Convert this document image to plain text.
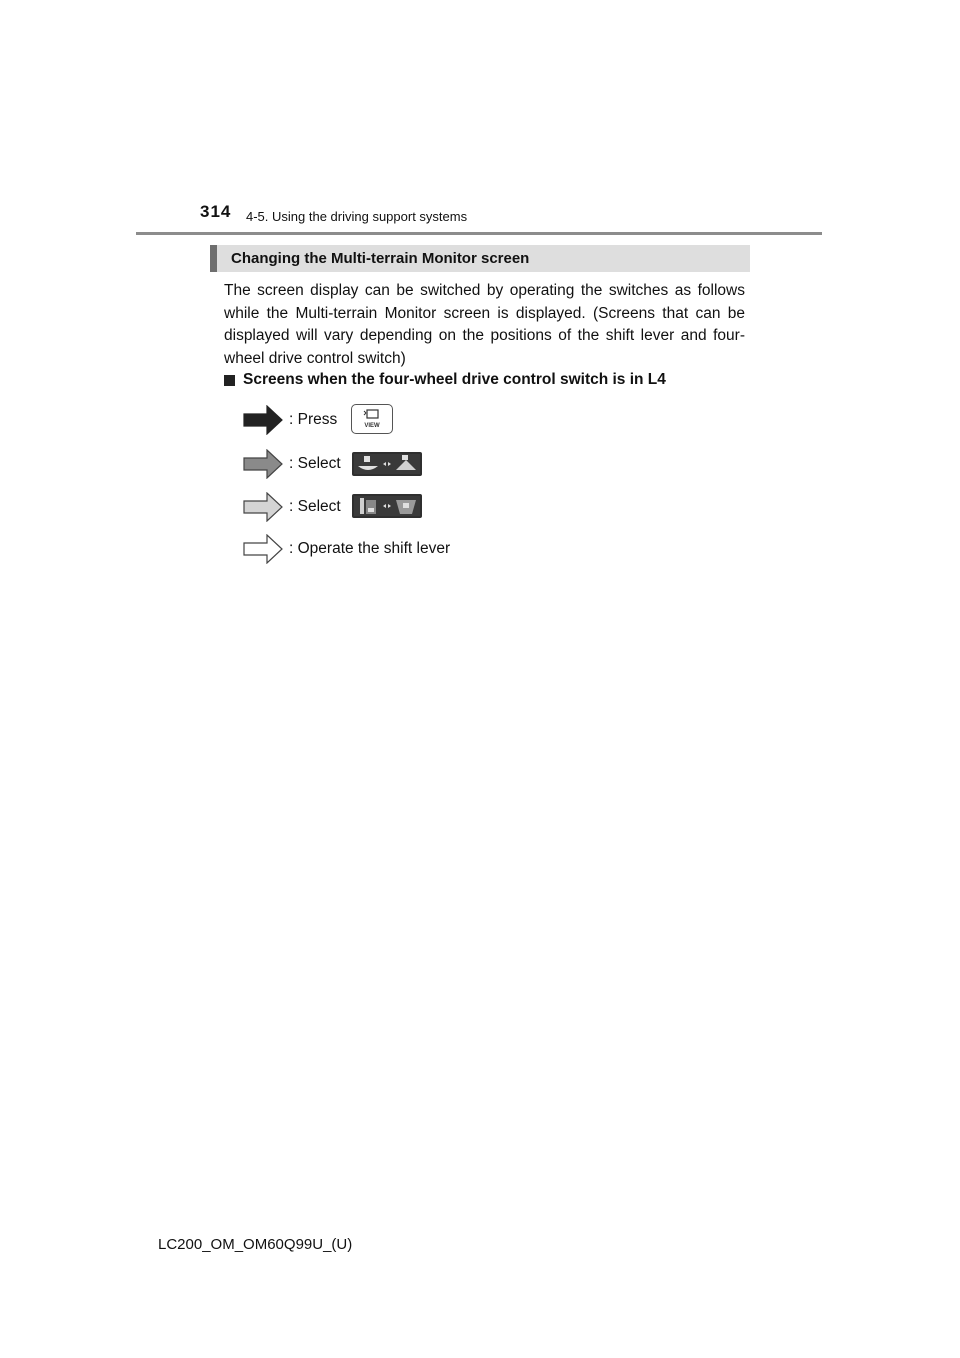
314 4-5. Using the driving support systems
Changing the Multi-terrain Monitor screen
The screen display can be switched by operating the switches as follows while the Multi-terrain Monitor screen is displayed. (Screens that can be displayed will vary depending on the positions of the shift lever and four-wheel drive control switch)
Screens when the four-wheel drive control switch is in L4
: Press	VIEW
: Select
: Select
: Operate the shift lever
LC200_OM_OM60Q99U_(U)
